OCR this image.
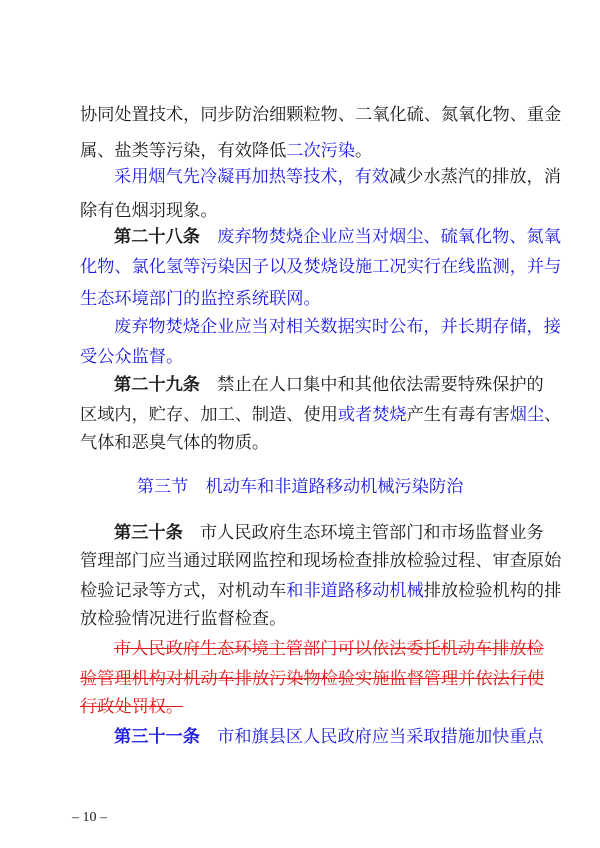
协同处置技术，同步防治细颗粒物、二氧化硫、氮氧化物、重金
属、盐类等污染，有效降低二次污染。
采用烟气先冷凝再加热等技术，有效减少水蒸汽的排放，消
除有色烟羽现象。
第二十八条　废弃物焚烧企业应当对烟尘、硫氧化物、氮氧
化物、氯化氢等污染因子以及焚烧设施工况实行在线监测，并与
生态环境部门的监控系统联网。
废弃物焚烧企业应当对相关数据实时公布，并长期存储，接
受公众监督。
第二十九条　禁止在人口集中和其他依法需要特殊保护的
区域内，贮存、加工、制造、使用或者焚烧产生有毒有害烟尘、
气体和恶臭气体的物质。
第三节　机动车和非道路移动机械污染防治
第三十条　市人民政府生态环境主管部门和市场监督业务
管理部门应当通过联网监控和现场检查排放检验过程、审查原始
检验记录等方式，对机动车和非道路移动机械排放检验机构的排
放检验情况进行监督检查。
市人民政府生态环境主管部门可以依法委托机动车排放检
验管理机构对机动车排放污染物检验实施监督管理并依法行使
行政处罚权。
第三十一条　市和旗县区人民政府应当采取措施加快重点
– 10 –
